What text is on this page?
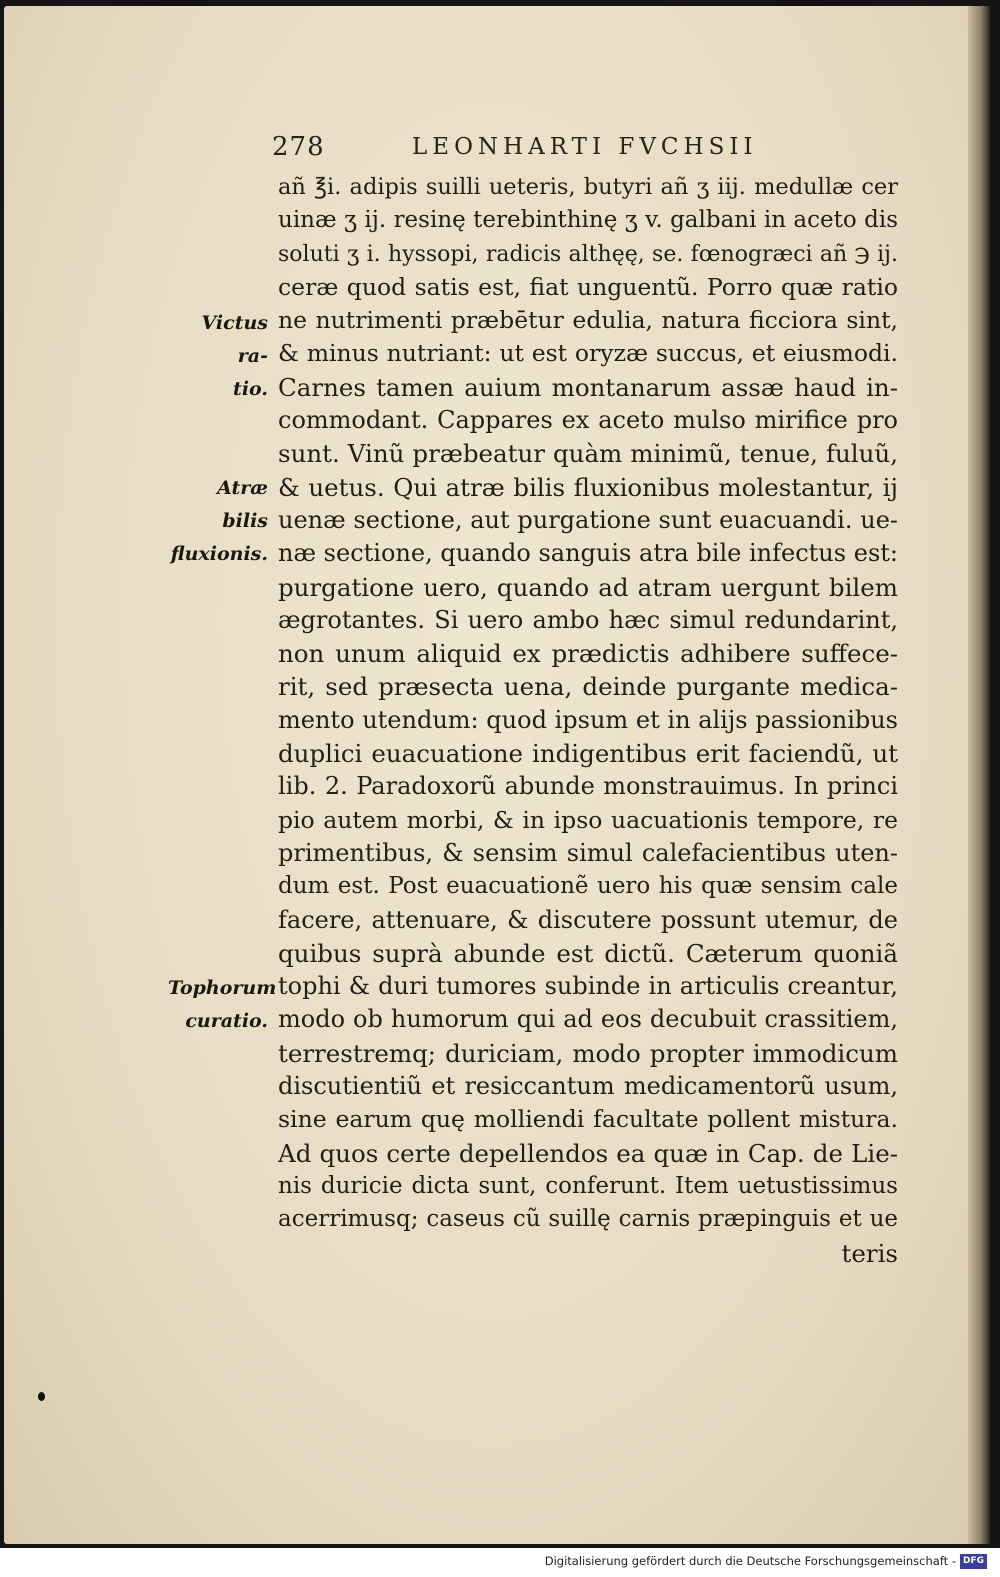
278	LEONHARTI FVCHSII
Victus ra-
tio.
Atræ bilis
fluxionis.
Tophorum
curatio.
añ ℥i. adipis suilli ueteris, butyri añ ʒ iij. medullæ cer
uinæ ʒ ij. resinę terebinthinę ʒ v. galbani in aceto dis
soluti ʒ i. hyssopi, radicis althęę, se. fœnogræci añ ℈ ij.
ceræ quod satis est, fiat unguentũ. Porro quæ ratio
ne nutrimenti præbētur edulia, natura ficciora sint,
& minus nutriant: ut est oryzæ succus, et eiusmodi.
Carnes tamen auium montanarum assæ haud in-
commodant. Cappares ex aceto mulso mirifice pro
sunt. Vinũ præbeatur quàm minimũ, tenue, fuluũ,
& uetus. Qui atræ bilis fluxionibus molestantur, ij
uenæ sectione, aut purgatione sunt euacuandi. ue-
næ sectione, quando sanguis atra bile infectus est:
purgatione uero, quando ad atram uergunt bilem
ægrotantes. Si uero ambo hæc simul redundarint,
non unum aliquid ex prædictis adhibere suffece-
rit, sed præsecta uena, deinde purgante medica-
mento utendum: quod ipsum et in alijs passionibus
duplici euacuatione indigentibus erit faciendũ, ut
lib. 2. Paradoxorũ abunde monstrauimus. In princi
pio autem morbi, & in ipso uacuationis tempore, re
primentibus, & sensim simul calefacientibus uten-
dum est. Post euacuationẽ uero his quæ sensim cale
facere, attenuare, & discutere possunt utemur, de
quibus suprà abunde est dictũ. Cæterum quoniã
tophi & duri tumores subinde in articulis creantur,
modo ob humorum qui ad eos decubuit crassitiem,
terrestremq; duriciam, modo propter immodicum
discutientiũ et resiccantum medicamentorũ usum,
sine earum quę molliendi facultate pollent mistura.
Ad quos certe depellendos ea quæ in Cap. de Lie-
nis duricie dicta sunt, conferunt. Item uetustissimus
acerrimusq; caseus cũ suillę carnis præpinguis et ue
teris
Digitalisierung gefördert durch die Deutsche Forschungsgemeinschaft - DFG
